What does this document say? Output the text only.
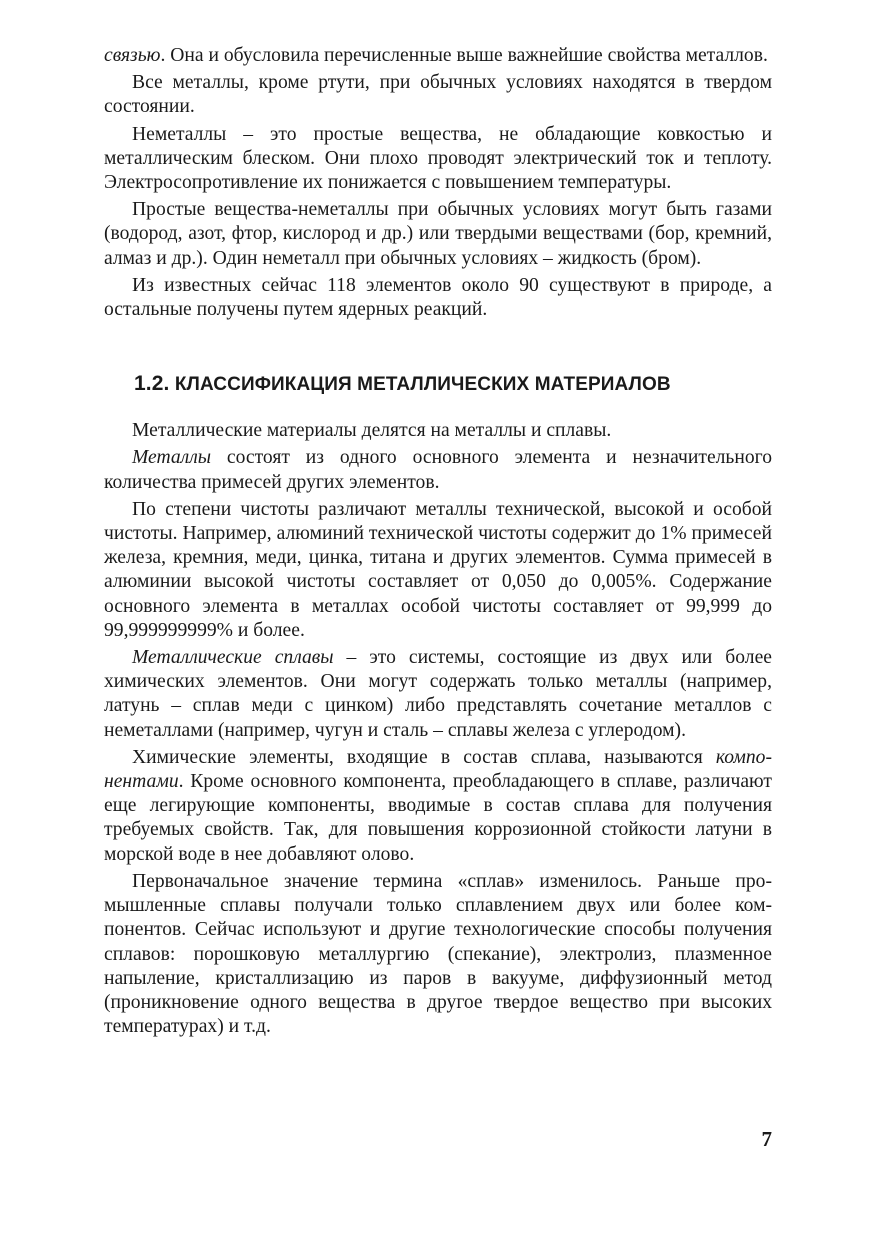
связью. Она и обусловила перечисленные выше важнейшие свойства металлов.

Все металлы, кроме ртути, при обычных условиях находятся в твердом состоянии.

Неметаллы – это простые вещества, не обладающие ковкостью и металлическим блеском. Они плохо проводят электрический ток и теплоту. Электросопротивление их понижается с повышением температуры.

Простые вещества-неметаллы при обычных условиях могут быть газами (водород, азот, фтор, кислород и др.) или твердыми веществами (бор, кремний, алмаз и др.). Один неметалл при обычных условиях – жидкость (бром).

Из известных сейчас 118 элементов около 90 существуют в природе, а остальные получены путем ядерных реакций.

1.2. КЛАССИФИКАЦИЯ МЕТАЛЛИЧЕСКИХ МАТЕРИАЛОВ

Металлические материалы делятся на металлы и сплавы.

Металлы состоят из одного основного элемента и незначительного количества примесей других элементов.

По степени чистоты различают металлы технической, высокой и особой чистоты. Например, алюминий технической чистоты содержит до 1% примесей железа, кремния, меди, цинка, титана и других элементов. Сумма примесей в алюминии высокой чистоты составляет от 0,050 до 0,005%. Содержание основного элемента в металлах особой чистоты составляет от 99,999 до 99,999999999% и более.

Металлические сплавы – это системы, состоящие из двух или более химических элементов. Они могут содержать только металлы (например, латунь – сплав меди с цинком) либо представлять сочетание металлов с неметаллами (например, чугун и сталь – сплавы железа с углеродом).

Химические элементы, входящие в состав сплава, называются компонентами. Кроме основного компонента, преобладающего в сплаве, различают еще легирующие компоненты, вводимые в состав сплава для получения требуемых свойств. Так, для повышения коррозионной стойкости латуни в морской воде в нее добавляют олово.

Первоначальное значение термина «сплав» изменилось. Раньше промышленные сплавы получали только сплавлением двух или более компонентов. Сейчас используют и другие технологические способы получения сплавов: порошковую металлургию (спекание), электролиз, плазменное напыление, кристаллизацию из паров в вакууме, диффузионный метод (проникновение одного вещества в другое твердое вещество при высоких температурах) и т.д.

7
